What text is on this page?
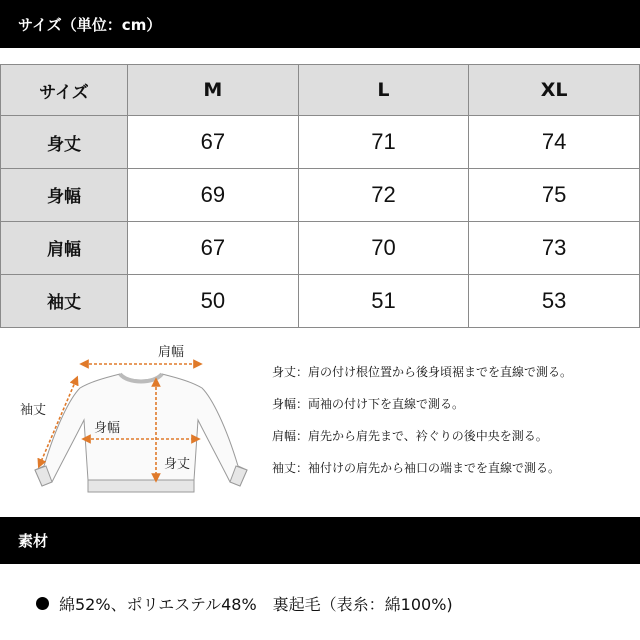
サイズ（単位：cm）
サイズ	M	L	XL
身丈	67	71	74
身幅	69	72	75
肩幅	67	70	73
袖丈	50	51	53
肩幅
袖丈
身幅
身丈
身丈：肩の付け根位置から後身頃裾までを直線で測る。
身幅：両袖の付け下を直線で測る。
肩幅：肩先から肩先まで、衿ぐりの後中央を測る。
袖丈：袖付けの肩先から袖口の端までを直線で測る。
素材
綿52%、ポリエステル48%　裏起毛（表糸：綿100%)
